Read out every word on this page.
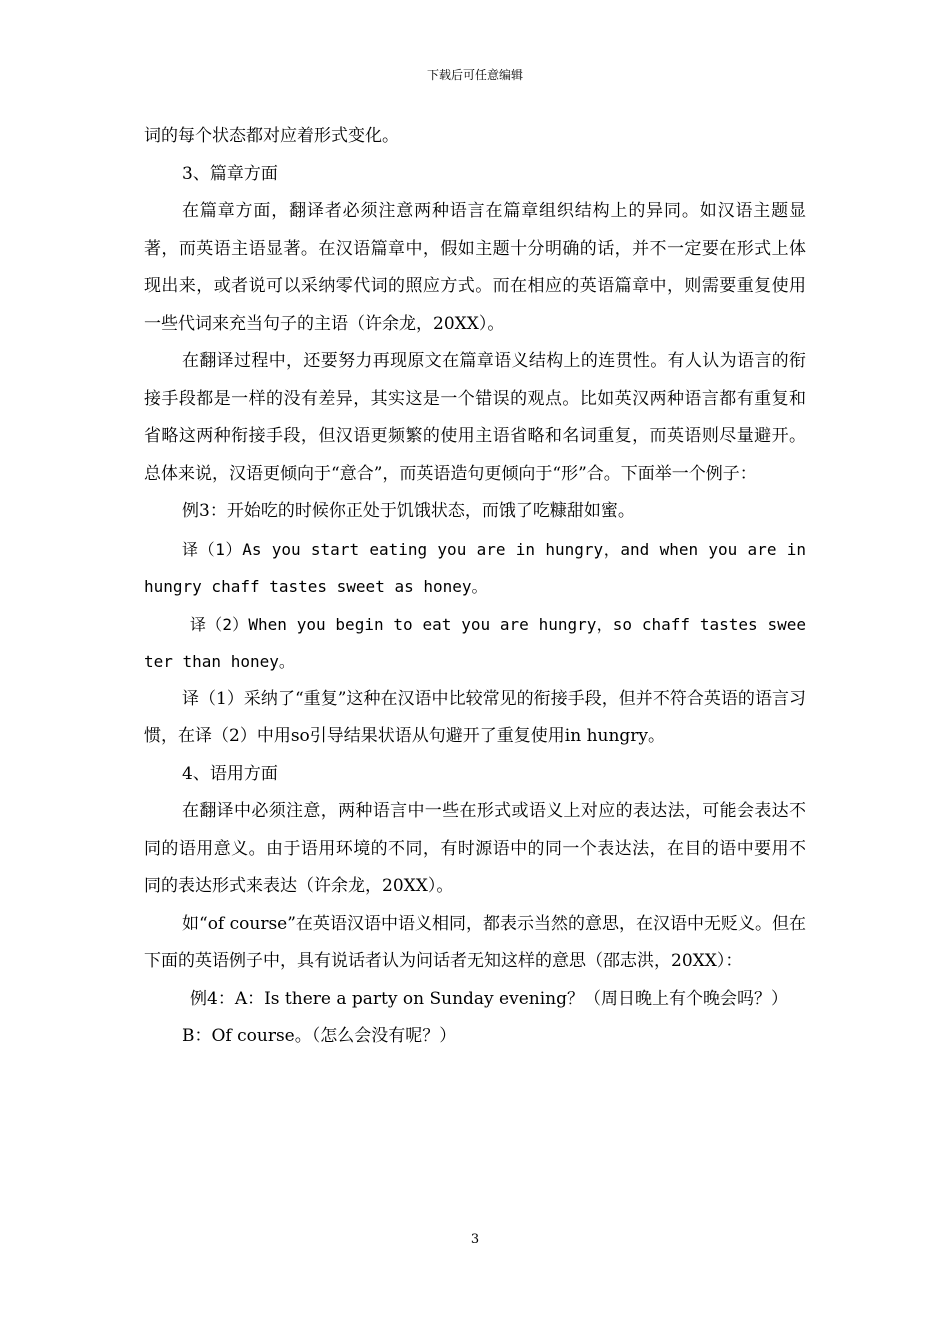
下载后可任意编辑

词的每个状态都对应着形式变化。

3、篇章方面

在篇章方面，翻译者必须注意两种语言在篇章组织结构上的异同。如汉语主题显著，而英语主语显著。在汉语篇章中，假如主题十分明确的话，并不一定要在形式上体现出来，或者说可以采纳零代词的照应方式。而在相应的英语篇章中，则需要重复使用一些代词来充当句子的主语（许余龙，20XX）。

在翻译过程中，还要努力再现原文在篇章语义结构上的连贯性。有人认为语言的衔接手段都是一样的没有差异，其实这是一个错误的观点。比如英汉两种语言都有重复和省略这两种衔接手段，但汉语更频繁的使用主语省略和名词重复，而英语则尽量避开。总体来说，汉语更倾向于“意合”，而英语造句更倾向于“形”合。下面举一个例子：

例3：开始吃的时候你正处于饥饿状态，而饿了吃糠甜如蜜。

译（1）As you start eating you are in hungry，and when you are in hungry chaff tastes sweet as honey。

译（2）When you begin to eat you are hungry，so chaff tastes sweeter than honey。

译（1）采纳了“重复”这种在汉语中比较常见的衔接手段，但并不符合英语的语言习惯，在译（2）中用so引导结果状语从句避开了重复使用in hungry。

4、语用方面

在翻译中必须注意，两种语言中一些在形式或语义上对应的表达法，可能会表达不同的语用意义。由于语用环境的不同，有时源语中的同一个表达法，在目的语中要用不同的表达形式来表达（许余龙，20XX）。

如“of course”在英语汉语中语义相同，都表示当然的意思，在汉语中无贬义。但在下面的英语例子中，具有说话者认为问话者无知这样的意思（邵志洪，20XX）：

例4：A：Is there a party on Sunday evening？（周日晚上有个晚会吗？）

B：Of course。（怎么会没有呢？）

3
